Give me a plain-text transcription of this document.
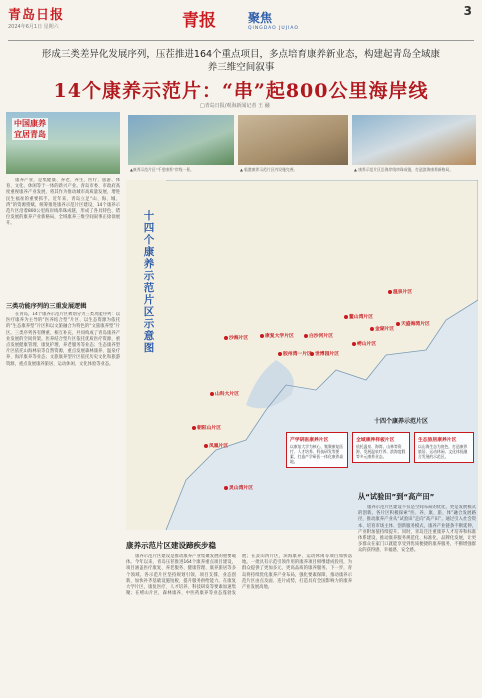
青岛日报
2024年6月1日 星期六	青报	聚焦
QINGDAO JUJIAO
3
形成三类差异化发展序列，压茬推进164个重点项目，多点培育康养新业态，构建起青岛全域康养三维空间叙事
14个康养示范片：“串”起800公里海岸线
□青岛日报/观海新闻记者 王 融
中国康养
宜居青岛
康养产业，是集健康、养老、养生、医疗、旅游、体育、文化、休闲等于一体的新兴产业。青岛市委、市政府高度重视康养产业发展，将其作为推动城市高质量发展、增进民生福祉的重要抓手。近年来，青岛立足“山、海、城、湾”的资源禀赋，统筹推进康养示范片区建设，14个康养示范片区沿着800公里海岸线串珠成链，形成了各具特色、错位发展的康养产业新格局，全域康养三维空间叙事正徐徐展开。
三类功能序列的三重发展逻辑
在青岛，14个康养示范片区被划分为三类功能序列：以医疗康养为主导的“医养结合型”片区、以生态资源为依托的“生态康养型”片区和以文旅融合为特色的“文旅康养型”片区。三类序列各有侧重、相互补充，共同构成了青岛康养产业发展的空间骨架。医养结合型片区依托优质医疗资源，重点发展健康管理、康复护理、养老服务等业态；生态康养型片区依托山海林泉等自然资源，重点发展森林康养、温泉疗养、海洋康养等业态；文旅康养型片区依托历史文化和旅游资源，重点发展康养旅居、运动休闲、文化体验等业态。
▲康养示范片区“千里康养”岸线一景。	▲ 临港康养示范片区内设施完善。	▲ 康养示范片区沿海岸线串珠成链，打造滨海康养新格局。
十四个康养示范片区示意图
温泉片区
天盛海湾片区
鳌山湾片区
金湖片区
崂山片区
世博园片区
白沙河片区
康复大学片区
沙海片区
胶州湾一片区
山科大片区
朝阳山片区
凤凰片区
灵山湾片区
产学研医康养片区
以康复大学为核心，集聚康复医疗、人才培养、科技研发等要素，打造产学研医一体化康养高地。
全域康养样板片区
依托温泉、海湾、山林等资源，发展温泉疗养、滨海度假等多元康养业态。
生态旅居康养片区
以山海生态为底色，打造康养旅居、运动休闲、文化体验融合发展的示范区。
十四个康养示范片区
康养示范片区建设蹄疾步稳
康养示范片区建设是推动康养产业集聚发展的重要载体。今年以来，青岛压茬推进164个康养重点项目建设，项目涵盖医疗康复、养老服务、健康管理、康养旅居等多个领域。各示范片区坚持规划引领、项目支撑、业态创新，加快补齐基础设施短板，提升服务供给能力。在康复大学片区，康复医疗、人才培养、科技研发等要素加速集聚；在崂山片区，森林康养、中医药康养等业态蓬勃发展；在灵山湾片区，滨海康养、运动休闲等项目加快落地。一批具有示范引领作用的康养项目相继建成投用，为群众提供了更加多元、更高品质的康养服务。下一步，青岛将持续优化康养产业布局，强化要素保障，推动康养示范片区由点及面、连片成势，打造具有全国影响力的康养产业发展高地。
从“试验田”到“高产田”
康养示范片区建设不仅是空间布局的优化，更是发展模式的创新。各片区积极探索“医、养、康、旅、体”融合发展路径，推动康养产业从“试验田”走向“高产田”。通过引入社会资本、培育市场主体、创新服务模式，康养产业链条不断延伸，产业附加值持续提升。同时，青岛还注重康养人才培养和标准体系建设，推动康养服务规范化、标准化、品牌化发展，让更多群众在家门口就能享受到优质便捷的康养服务，不断增强群众的获得感、幸福感、安全感。
